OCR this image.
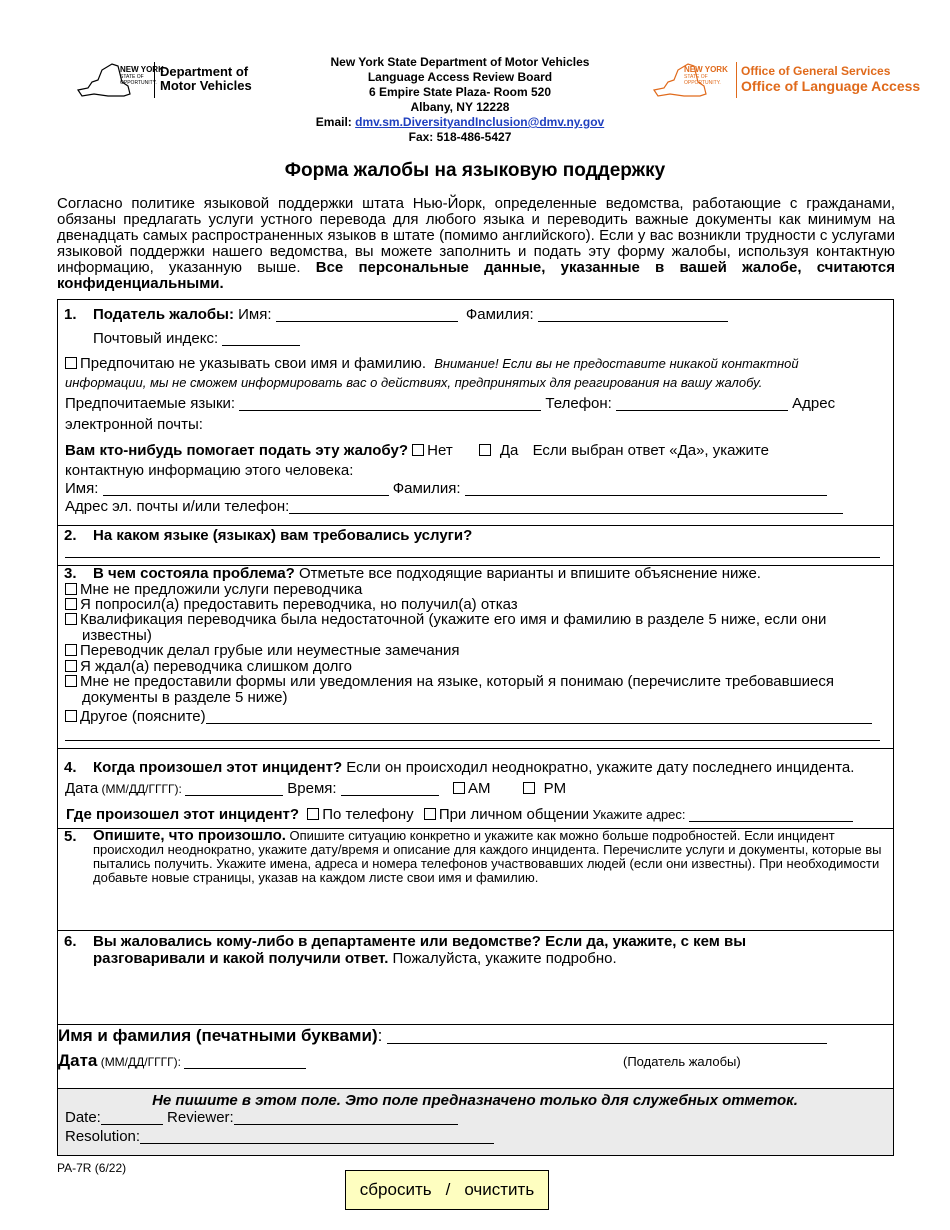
NEW YORK
STATE OF
OPPORTUNITY.
Department of
Motor Vehicles
New York State Department of Motor Vehicles
Language Access Review Board
6 Empire State Plaza- Room 520
Albany, NY 12228
Email: dmv.sm.DiversityandInclusion@dmv.ny.gov
Fax: 518-486-5427
NEW YORK
STATE OF
OPPORTUNITY.
Office of General Services
Office of Language Access
Форма жалобы на языковую поддержку
Согласно политике языковой поддержки штата Нью-Йорк, определенные ведомства, работающие с гражданами, обязаны предлагать услуги устного перевода для любого языка и переводить важные документы как минимум на двенадцать самых распространенных языков в штате (помимо английского). Если у вас возникли трудности с услугами языковой поддержки нашего ведомства, вы можете заполнить и подать эту форму жалобы, используя контактную информацию, указанную выше. Все персональные данные, указанные в вашей жалобе, считаются конфиденциальными.
1. Податель жалобы: Имя:	Фамилия:
Почтовый индекс:
Предпочитаю не указывать свои имя и фамилию. Внимание! Если вы не предоставите никакой контактной
информации, мы не сможем информировать вас о действиях, предпринятых для реагирования на вашу жалобу.
Предпочитаемые языки:	Телефон:	Адрес
электронной почты:
Вам кто-нибудь помогает подать эту жалобу? Нет	Да Если выбран ответ «Да», укажите
контактную информацию этого человека:
Имя:	Фамилия:
Адрес эл. почты и/или телефон:
2. На каком языке (языках) вам требовались услуги?
3. В чем состояла проблема? Отметьте все подходящие варианты и впишите объяснение ниже.
Мне не предложили услуги переводчика
Я попросил(а) предоставить переводчика, но получил(а) отказ
Квалификация переводчика была недостаточной (укажите его имя и фамилию в разделе 5 ниже, если они
известны)
Переводчик делал грубые или неуместные замечания
Я ждал(а) переводчика слишком долго
Мне не предоставили формы или уведомления на языке, который я понимаю (перечислите требовавшиеся
документы в разделе 5 ниже)
Другое (поясните)
4. Когда произошел этот инцидент? Если он происходил неоднократно, укажите дату последнего инцидента.
Дата (ММ/ДД/ГГГГ):	Время:	AM	PM
Где произошел этот инцидент? По телефону При личном общении Укажите адрес:
5. Опишите, что произошло. Опишите ситуацию конкретно и укажите как можно больше подробностей. Если инцидент происходил неоднократно, укажите дату/время и описание для каждого инцидента. Перечислите услуги и документы, которые вы пытались получить. Укажите имена, адреса и номера телефонов участвовавших людей (если они известны). При необходимости добавьте новые страницы, указав на каждом листе свои имя и фамилию.
6. Вы жаловались кому-либо в департаменте или ведомстве? Если да, укажите, с кем вы разговаривали и какой получили ответ. Пожалуйста, укажите подробно.
Имя и фамилия (печатными буквами):
Дата (ММ/ДД/ГГГГ):	(Податель жалобы)
Не пишите в этом поле. Это поле предназначено только для служебных отметок.
Date:	Reviewer:
Resolution:
PA-7R (6/22)
сбросить / очистить
